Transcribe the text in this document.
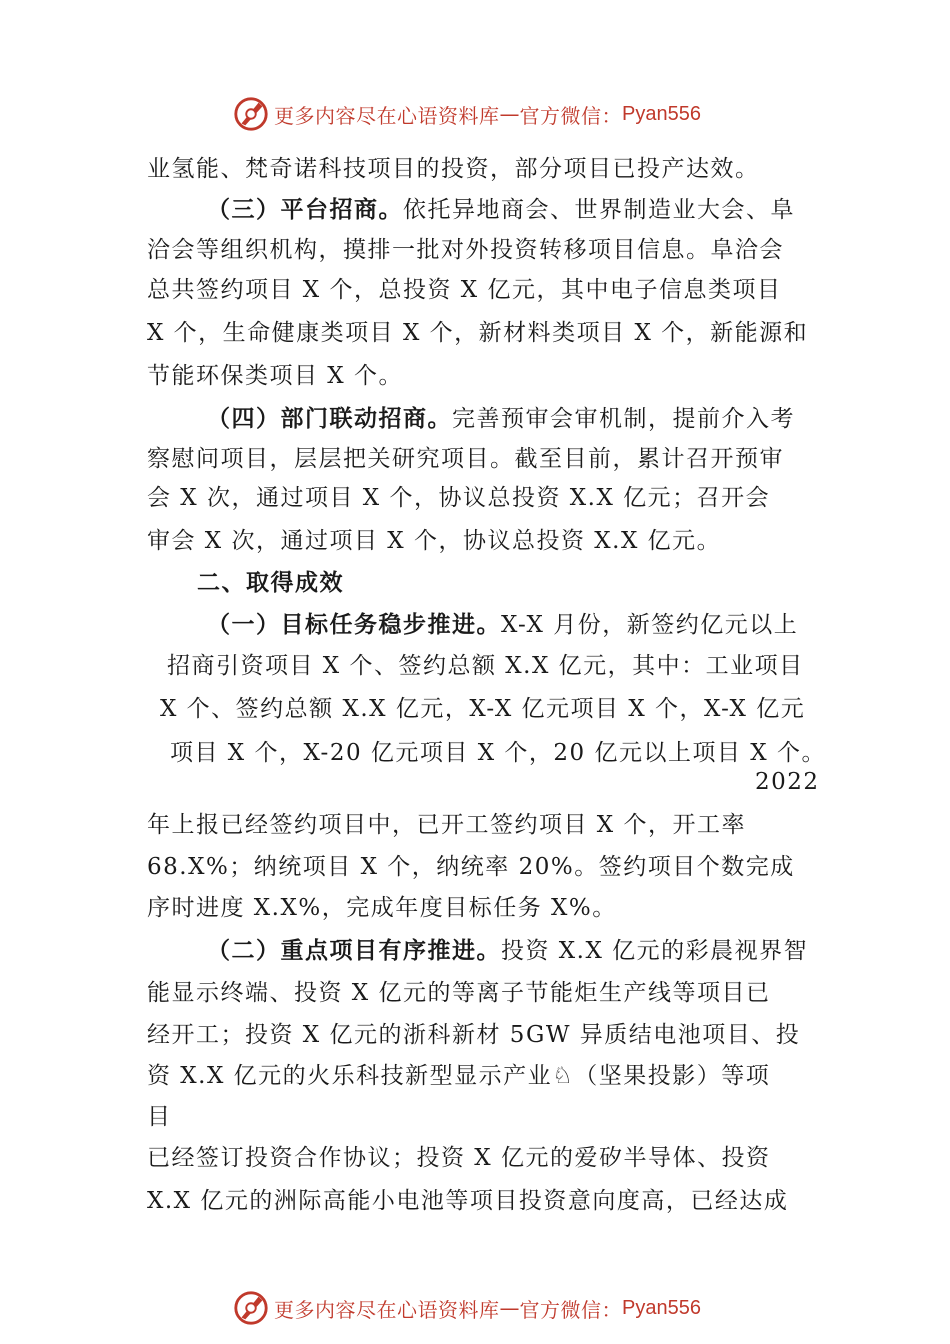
更多内容尽在心语资料库 — 官方微信： Pyan556
业氢能、梵奇诺科技项目的投资，部分项目已投产达效。
（三）平台招商。依托异地商会、世界制造业大会、阜
洽会等组织机构，摸排一批对外投资转移项目信息。阜洽会
总共签约项目 X 个，总投资 X 亿元，其中电子信息类项目
X 个，生命健康类项目 X 个，新材料类项目 X 个，新能源和
节能环保类项目 X 个。
（四）部门联动招商。完善预审会审机制，提前介入考
察慰问项目，层层把关研究项目。截至目前，累计召开预审
会 X 次，通过项目 X 个，协议总投资 X.X 亿元；召开会
审会 X 次，通过项目 X 个，协议总投资 X.X 亿元。
二、取得成效
（一）目标任务稳步推进。X-X 月份，新签约亿元以上
招商引资项目 X 个、签约总额 X.X 亿元，其中：工业项目
X 个、签约总额 X.X 亿元，X-X 亿元项目 X 个，X-X 亿元
项目 X 个，X-20 亿元项目 X 个，20 亿元以上项目 X 个。
2022
年上报已经签约项目中，已开工签约项目 X 个，开工率
68.X%；纳统项目 X 个，纳统率 20%。签约项目个数完成
序时进度 X.X%，完成年度目标任务 X%。
（二）重点项目有序推进。投资 X.X 亿元的彩晨视界智
能显示终端、投资 X 亿元的等离子节能炬生产线等项目已
经开工；投资 X 亿元的浙科新材 5GW 异质结电池项目、投
资 X.X 亿元的火乐科技新型显示产业♘（坚果投影）等项
目
已经签订投资合作协议；投资 X 亿元的爱矽半导体、投资
X.X 亿元的洲际高能小电池等项目投资意向度高，已经达成
更多内容尽在心语资料库 — 官方微信： Pyan556
